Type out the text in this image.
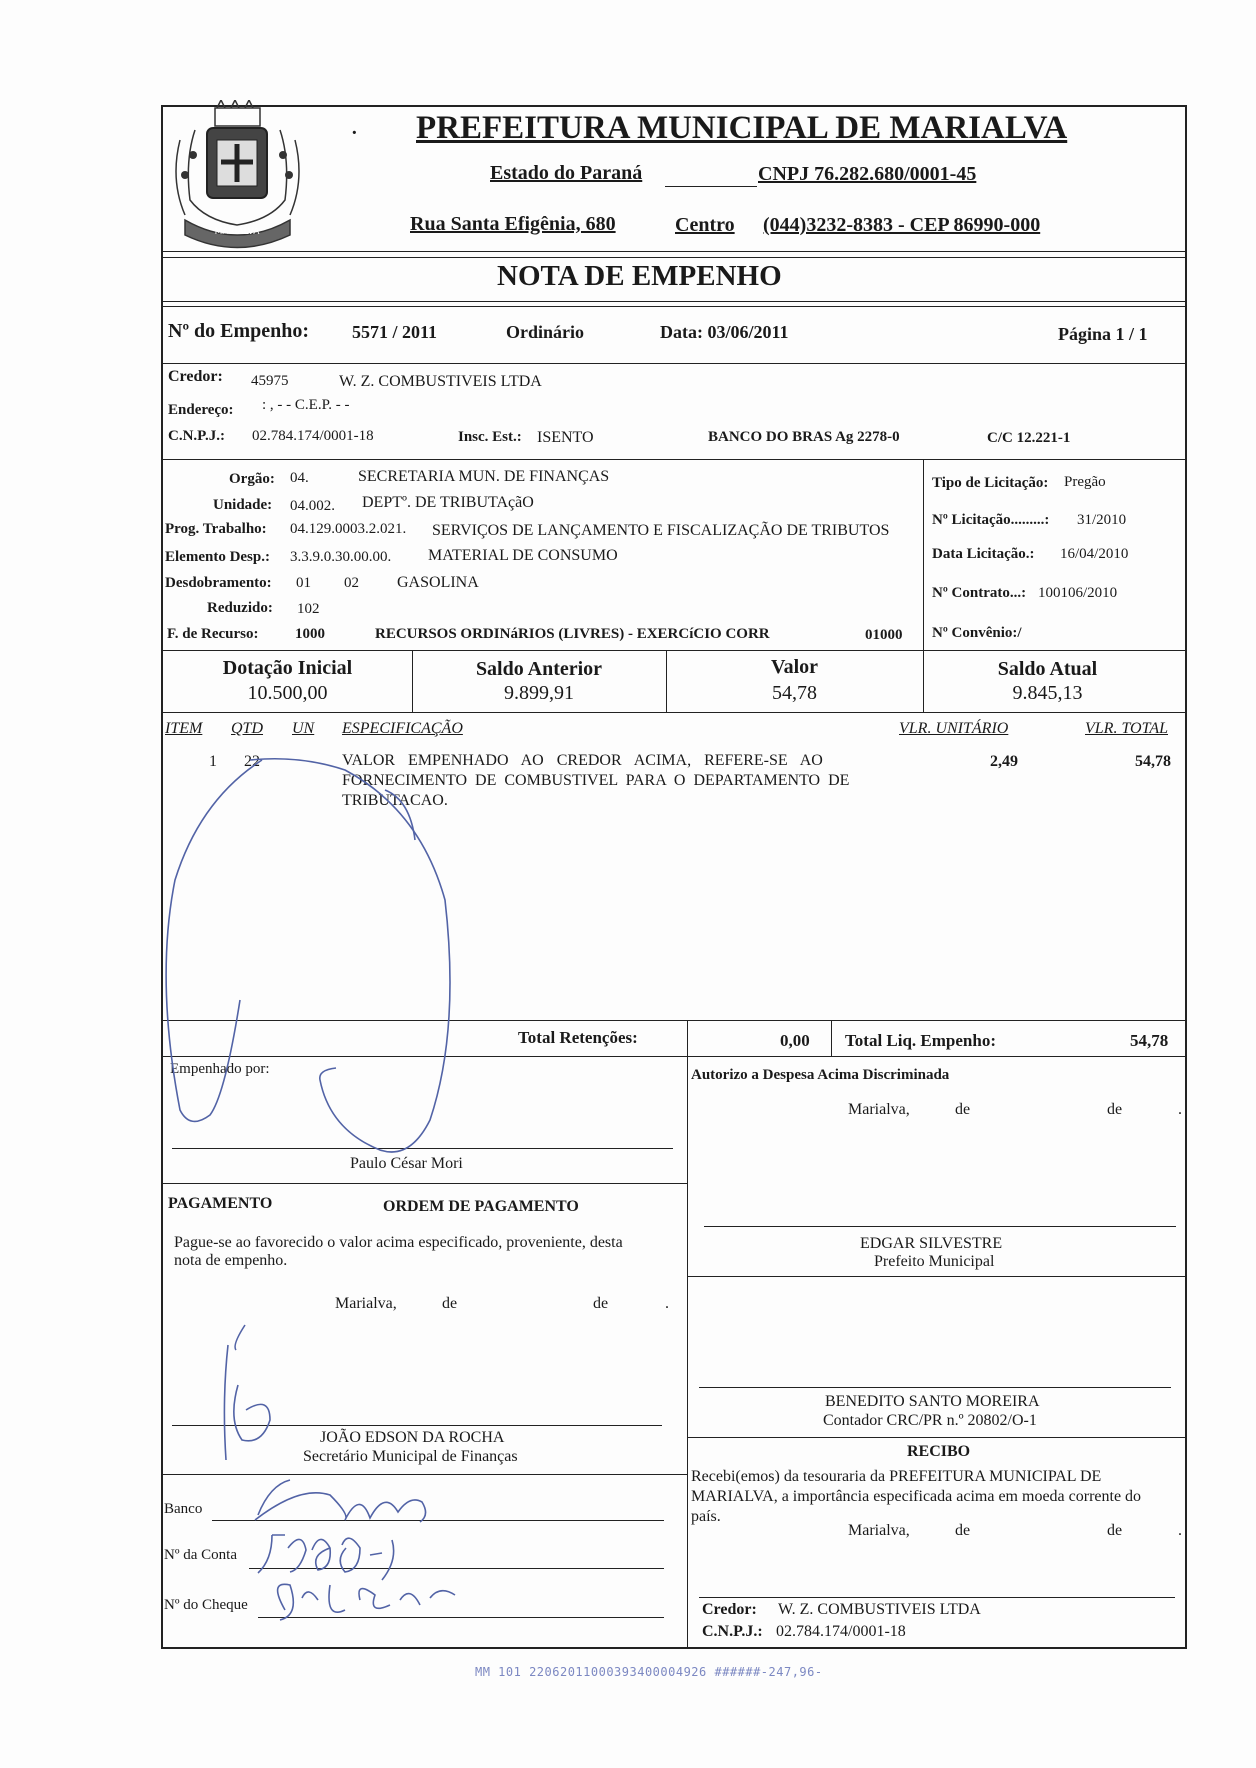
MARIALVA
· PREFEITURA MUNICIPAL DE MARIALVA
Estado do Paraná	CNPJ 76.282.680/0001-45
Rua Santa Efigênia, 680	Centro (044)3232-8383 - CEP 86990-000
NOTA DE EMPENHO
Nº do Empenho: 5571 / 2011	Ordinário	Data: 03/06/2011	Página 1 / 1
Credor: 45975	W. Z. COMBUSTIVEIS LTDA
Endereço: : , - - C.E.P. - -
C.N.P.J.: 02.784.174/0001-18	Insc. Est.: ISENTO	BANCO DO BRAS Ag 2278-0	C/C 12.221-1
Orgão: 04.	SECRETARIA MUN. DE FINANÇAS
Unidade: 04.002. DEPTº. DE TRIBUTAçãO
Prog. Trabalho: 04.129.0003.2.021. SERVIÇOS DE LANÇAMENTO E FISCALIZAÇÃO DE TRIBUTOS
Elemento Desp.: 3.3.9.0.30.00.00. MATERIAL DE CONSUMO
Desdobramento: 01 02 GASOLINA
Reduzido: 102
F. de Recurso: 1000	RECURSOS ORDINáRIOS (LIVRES) - EXERCíCIO CORR	01000
Tipo de Licitação: Pregão
Nº Licitação.........: 31/2010
Data Licitação.: 16/04/2010
Nº Contrato...: 100106/2010
Nº Convênio:/
Dotação Inicial
10.500,00
Saldo Anterior
9.899,91
Valor
54,78
Saldo Atual
9.845,13
ITEM QTD UN ESPECIFICAÇÃO	VLR. UNITÁRIO	VLR. TOTAL
1 22	VALOR EMPENHADO AO CREDOR ACIMA, REFERE-SE AO
FORNECIMENTO DE COMBUSTIVEL PARA O DEPARTAMENTO DE
TRIBUTACAO.
2,49	54,78
Total Retenções:	0,00 Total Liq. Empenho:	54,78
Empenhado por:
Paulo César Mori
PAGAMENTO	ORDEM DE PAGAMENTO
Pague-se ao favorecido o valor acima especificado, proveniente, desta
nota de empenho.
Marialva,	de	de	.
JOÃO EDSON DA ROCHA
Secretário Municipal de Finanças
Banco
Nº da Conta
Nº do Cheque
Autorizo a Despesa Acima Discriminada
Marialva,	de	de	.
EDGAR SILVESTRE
Prefeito Municipal
BENEDITO SANTO MOREIRA
Contador CRC/PR n.º 20802/O-1
RECIBO
Recebi(emos) da tesouraria da PREFEITURA MUNICIPAL DE
MARIALVA, a importância especificada acima em moeda corrente do
país.
Marialva,	de	de	.
Credor: W. Z. COMBUSTIVEIS LTDA
C.N.P.J.: 02.784.174/0001-18
MM 101 22062011000393400004926 ######-247,96-
